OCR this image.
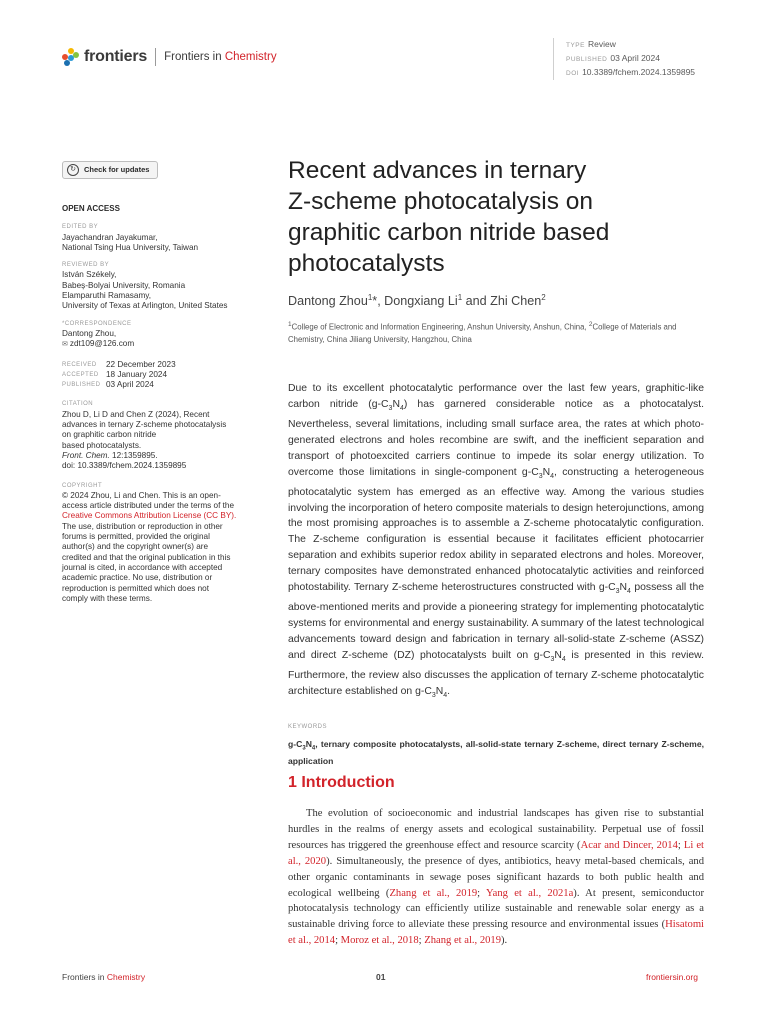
frontiers Frontiers in Chemistry
TYPE Review
PUBLISHED 03 April 2024
DOI 10.3389/fchem.2024.1359895
↻	Check for updates
OPEN ACCESS
EDITED BY
Jayachandran Jayakumar,
National Tsing Hua University, Taiwan
REVIEWED BY
István Székely,
Babeș-Bolyai University, Romania
Elamparuthi Ramasamy,
University of Texas at Arlington, United States
*CORRESPONDENCE
Dantong Zhou,
✉ zdt109@126.com
RECEIVED	22 December 2023
ACCEPTED 18 January 2024
PUBLISHED 03 April 2024
CITATION
Zhou D, Li D and Chen Z (2024), Recent
advances in ternary Z-scheme photocatalysis
on graphitic carbon nitride
based photocatalysts.
Front. Chem. 12:1359895.
doi: 10.3389/fchem.2024.1359895
COPYRIGHT
© 2024 Zhou, Li and Chen. This is an open-
access article distributed under the terms of the
Creative Commons Attribution License (CC BY).
The use, distribution or reproduction in other
forums is permitted, provided the original
author(s) and the copyright owner(s) are
credited and that the original publication in this
journal is cited, in accordance with accepted
academic practice. No use, distribution or
reproduction is permitted which does not
comply with these terms.
Recent advances in ternary
Z-scheme photocatalysis on
graphitic carbon nitride based
photocatalysts
Dantong Zhou$^1$*, Dongxiang Li$^1$ and Zhi Chen$^2$
$^1$College of Electronic and Information Engineering, Anshun University, Anshun, China, $^2$College of Materials and Chemistry, China Jiliang University, Hangzhou, China
Due to its excellent photocatalytic performance over the last few years, graphitic-like carbon nitride $(g-C_3N_4)$ has garnered considerable notice as a photocatalyst. Nevertheless, several limitations, including small surface area, the rates at which photo-generated electrons and holes recombine are swift, and the inefficient separation and transport of photoexcited carriers continue to impede its solar energy utilization. To overcome those limitations in single-component $g-C_3N_4$, constructing a heterogeneous photocatalytic system has emerged as an effective way. Among the various studies involving the incorporation of hetero composite materials to design heterojunctions, among the most promising approaches is to assemble a Z-scheme photocatalytic configuration. The Z-scheme configuration is essential because it facilitates efficient photocarrier separation and exhibits superior redox ability in separated electrons and holes. Moreover, ternary composites have demonstrated enhanced photocatalytic activities and reinforced photostability. Ternary Z-scheme heterostructures constructed with $g-C_3N_4$ possess all the above-mentioned merits and provide a pioneering strategy for implementing photocatalytic systems for environmental and energy sustainability. A summary of the latest technological advancements toward design and fabrication in ternary all-solid-state Z-scheme (ASSZ) and direct Z-scheme (DZ) photocatalysts built on $g-C_3N_4$ is presented in this review. Furthermore, the review also discusses the application of ternary Z-scheme photocatalytic architecture established on $g-C_3N_4$.
KEYWORDS
$g-C_3N_4$, ternary composite photocatalysts, all-solid-state ternary Z-scheme, direct ternary Z-scheme, application
1 Introduction
The evolution of socioeconomic and industrial landscapes has given rise to substantial hurdles in the realms of energy assets and ecological sustainability. Perpetual use of fossil resources has triggered the greenhouse effect and resource scarcity (Acar and Dincer, 2014; Li et al., 2020). Simultaneously, the presence of dyes, antibiotics, heavy metal-based chemicals, and other organic contaminants in sewage poses significant hazards to both public health and ecological wellbeing (Zhang et al., 2019; Yang et al., 2021a). At present, semiconductor photocatalysis technology can efficiently utilize sustainable and renewable solar energy as a sustainable driving force to alleviate these pressing resource and environmental issues (Hisatomi et al., 2014; Moroz et al., 2018; Zhang et al., 2019).
Frontiers in Chemistry	01	frontiersin.org
